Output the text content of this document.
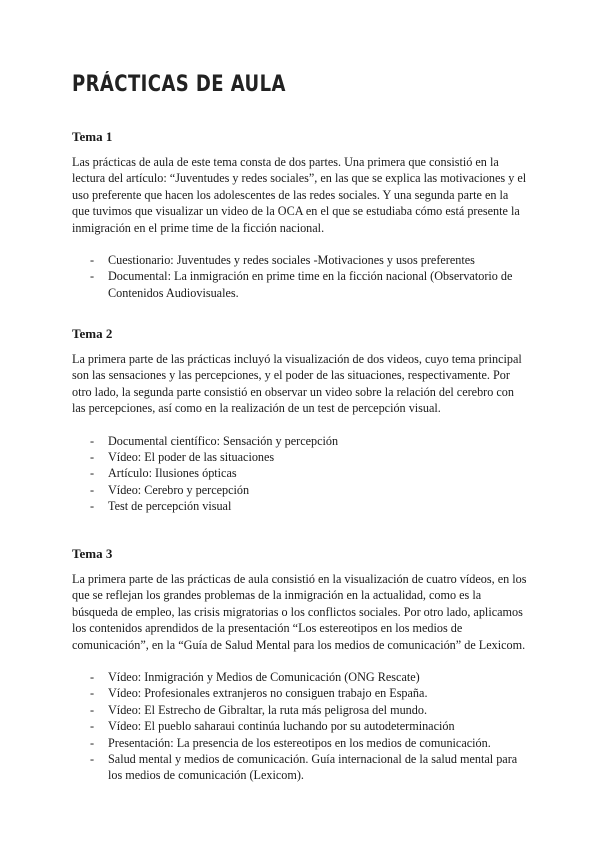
PRÁCTICAS DE AULA
Tema 1

Las prácticas de aula de este tema consta de dos partes. Una primera que consistió en la lectura del artículo: “Juventudes y redes sociales”, en las que se explica las motivaciones y el uso preferente que hacen los adolescentes de las redes sociales. Y una segunda parte en la que tuvimos que visualizar un video de la OCA en el que se estudiaba cómo está presente la inmigración en el prime time de la ficción nacional.

- Cuestionario: Juventudes y redes sociales -Motivaciones y usos preferentes
- Documental: La inmigración en prime time en la ficción nacional (Observatorio de Contenidos Audiovisuales.
Tema 2

La primera parte de las prácticas incluyó la visualización de dos videos, cuyo tema principal son las sensaciones y las percepciones, y el poder de las situaciones, respectivamente. Por otro lado, la segunda parte consistió en observar un video sobre la relación del cerebro con las percepciones, así como en la realización de un test de percepción visual.

- Documental científico: Sensación y percepción
- Vídeo: El poder de las situaciones
- Artículo: Ilusiones ópticas
- Vídeo: Cerebro y percepción
- Test de percepción visual
Tema 3

La primera parte de las prácticas de aula consistió en la visualización de cuatro vídeos, en los que se reflejan los grandes problemas de la inmigración en la actualidad, como es la búsqueda de empleo, las crisis migratorias o los conflictos sociales. Por otro lado, aplicamos los contenidos aprendidos de la presentación “Los estereotipos en los medios de comunicación”, en la “Guía de Salud Mental para los medios de comunicación” de Lexicom.

- Vídeo: Inmigración y Medios de Comunicación (ONG Rescate)
- Vídeo: Profesionales extranjeros no consiguen trabajo en España.
- Vídeo: El Estrecho de Gibraltar, la ruta más peligrosa del mundo.
- Vídeo: El pueblo saharaui continúa luchando por su autodeterminación
- Presentación: La presencia de los estereotipos en los medios de comunicación.
- Salud mental y medios de comunicación. Guía internacional de la salud mental para los medios de comunicación (Lexicom).
